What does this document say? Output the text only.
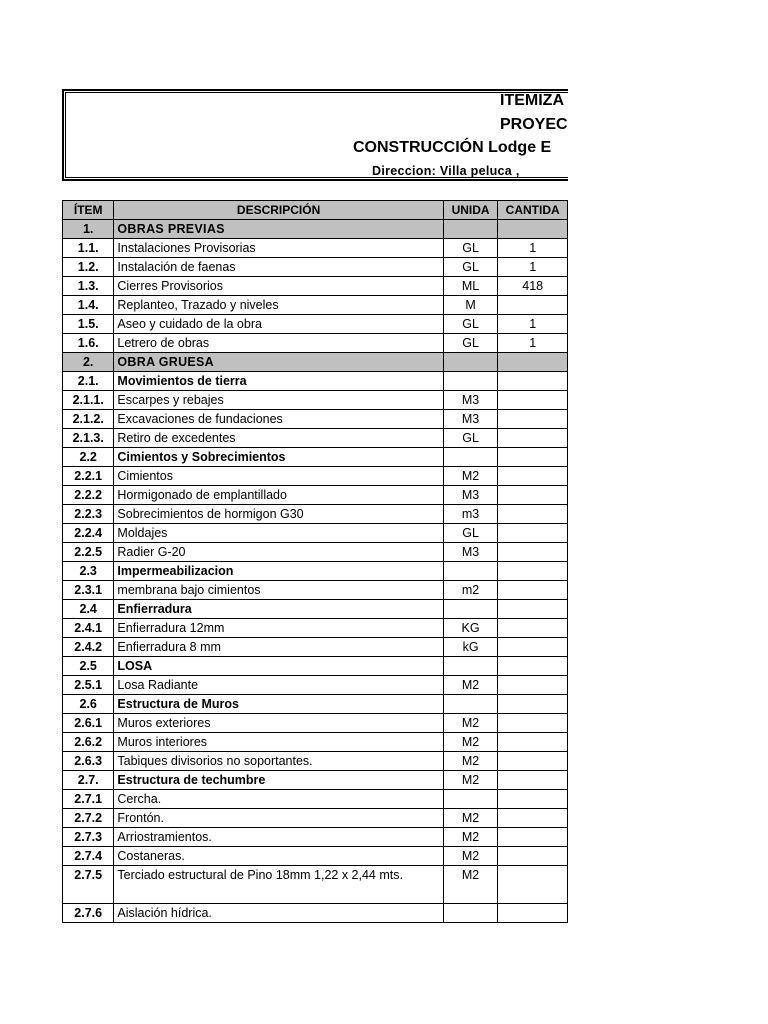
ITEMIZA
PROYEC
CONSTRUCCIÓN Lodge E
Direccion: Villa peluca ,
ÍTEM	DESCRIPCIÓN	UNIDA	CANTIDA
1.	OBRAS PREVIAS		
1.1.	Instalaciones Provisorias	GL	1
1.2.	Instalación de faenas	GL	1
1.3.	Cierres Provisorios	ML	418
1.4.	Replanteo, Trazado y niveles	M	
1.5.	Aseo y cuidado de la obra	GL	1
1.6.	Letrero de obras	GL	1
2.	OBRA GRUESA		
2.1.	Movimientos de tierra		
2.1.1.	Escarpes y rebajes	M3	
2.1.2.	Excavaciones de fundaciones	M3	
2.1.3.	Retiro de excedentes	GL	
2.2	Cimientos y Sobrecimientos		
2.2.1	Cimientos	M2	
2.2.2	Hormigonado de emplantillado	M3	
2.2.3	Sobrecimientos de hormigon G30	m3	
2.2.4	Moldajes	GL	
2.2.5	Radier G-20	M3	
2.3	Impermeabilizacion		
2.3.1	membrana bajo cimientos	m2	
2.4	Enfierradura		
2.4.1	Enfierradura 12mm	KG	
2.4.2	Enfierradura 8 mm	kG	
2.5	LOSA		
2.5.1	Losa Radiante	M2	
2.6	Estructura de Muros		
2.6.1	Muros exteriores	M2	
2.6.2	Muros interiores	M2	
2.6.3	Tabiques divisorios no soportantes.	M2	
2.7.	Estructura de techumbre	M2	
2.7.1	Cercha.		
2.7.2	Frontón.	M2	
2.7.3	Arriostramientos.	M2	
2.7.4	Costaneras.	M2	
2.7.5	Terciado estructural de Pino 18mm 1,22 x 2,44 mts.	M2	
2.7.6	Aislación hídrica.		
